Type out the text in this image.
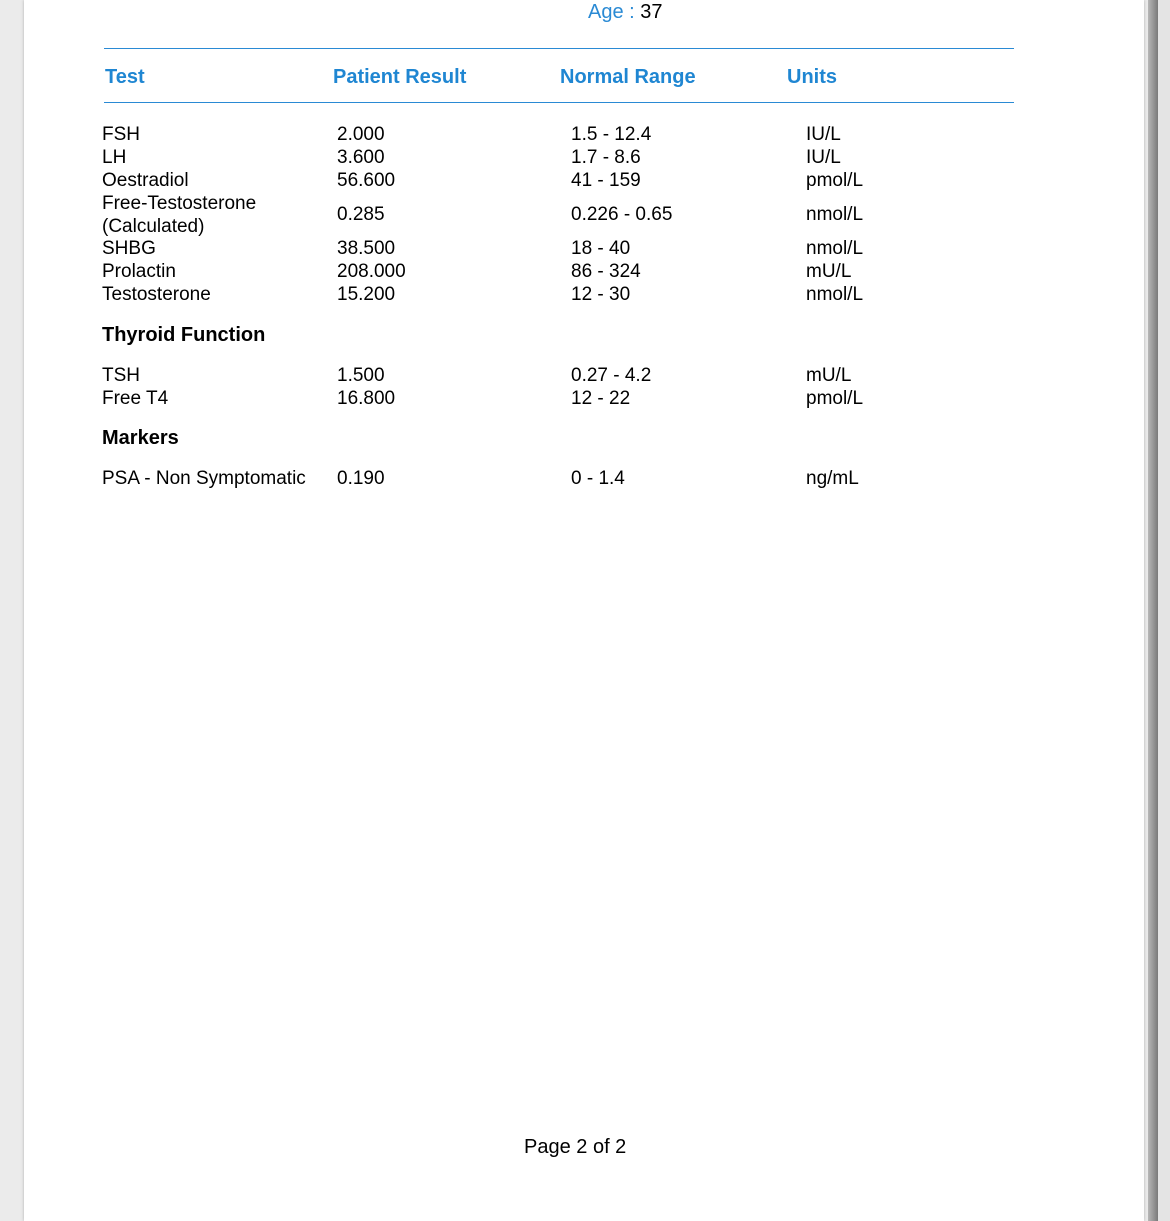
Age : 37
Test	Patient Result	Normal Range	Units
FSH	2.000	1.5 - 12.4	IU/L
LH	3.600	1.7 - 8.6	IU/L
Oestradiol	56.600	41 - 159	pmol/L
Free-Testosterone
(Calculated)
0.285	0.226 - 0.65	nmol/L
SHBG	38.500	18 - 40	nmol/L
Prolactin	208.000	86 - 324	mU/L
Testosterone	15.200	12 - 30	nmol/L
Thyroid Function
TSH	1.500	0.27 - 4.2	mU/L
Free T4	16.800	12 - 22	pmol/L
Markers
PSA - Non Symptomatic 0.190	0 - 1.4	ng/mL
Page 2 of 2
